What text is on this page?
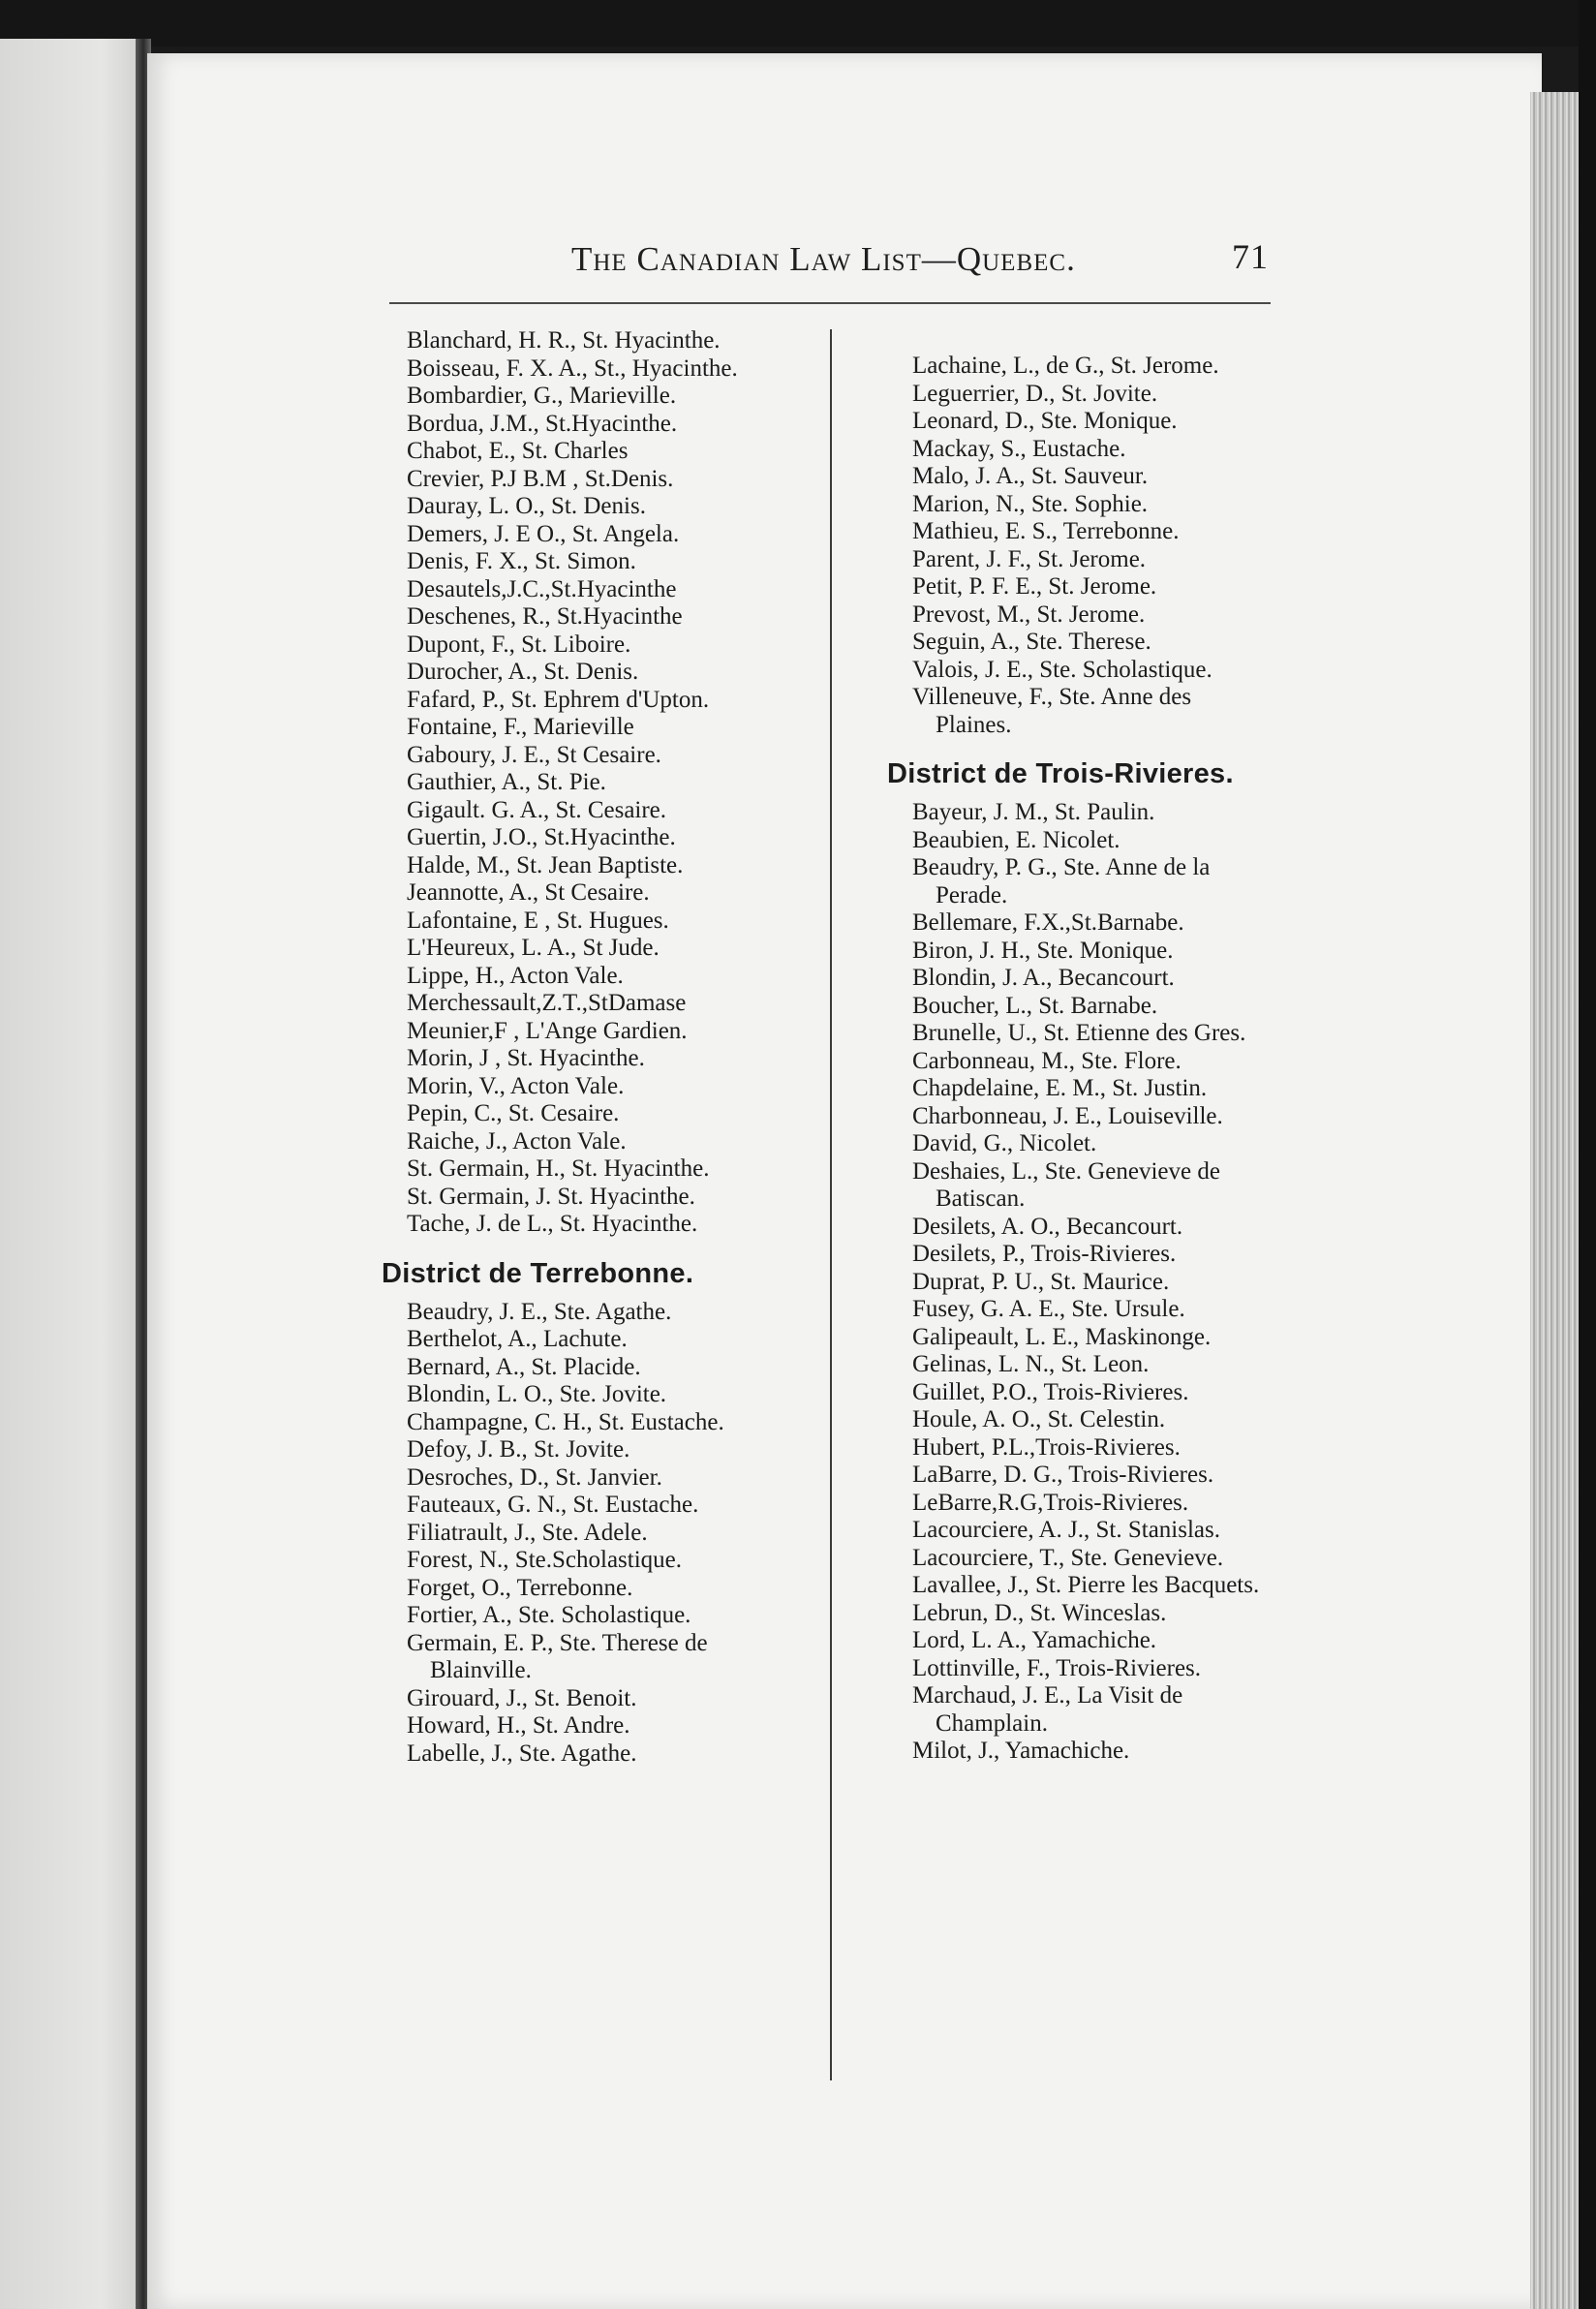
The Canadian Law List—Quebec.	71

Blanchard, H. R., St. Hyacinthe.

Boisseau, F. X. A., St., Hyacinthe.

Bombardier, G., Marieville.

Bordua, J.M., St.Hyacinthe.

Chabot, E., St. Charles

Crevier, P.J B.M , St.Denis.

Dauray, L. O., St. Denis.

Demers, J. E O., St. Angela.

Denis, F. X., St. Simon.

Desautels,J.C.,St.Hyacinthe

Deschenes, R., St.Hyacinthe

Dupont, F., St. Liboire.

Durocher, A., St. Denis.

Fafard, P., St. Ephrem d'Upton.

Fontaine, F., Marieville

Gaboury, J. E., St Cesaire.

Gauthier, A., St. Pie.

Gigault. G. A., St. Cesaire.

Guertin, J.O., St.Hyacinthe.

Halde, M., St. Jean Baptiste.

Jeannotte, A., St Cesaire.

Lafontaine, E , St. Hugues.

L'Heureux, L. A., St Jude.

Lippe, H., Acton Vale.

Merchessault,Z.T.,StDamase

Meunier,F , L'Ange Gardien.

Morin, J , St. Hyacinthe.

Morin, V., Acton Vale.

Pepin, C., St. Cesaire.

Raiche, J., Acton Vale.

St. Germain, H., St. Hyacinthe.

St. Germain, J. St. Hyacinthe.

Tache, J. de L., St. Hyacinthe.

District de Terrebonne.

Beaudry, J. E., Ste. Agathe.

Berthelot, A., Lachute.

Bernard, A., St. Placide.

Blondin, L. O., Ste. Jovite.

Champagne, C. H., St. Eustache.

Defoy, J. B., St. Jovite.

Desroches, D., St. Janvier.

Fauteaux, G. N., St. Eustache.

Filiatrault, J., Ste. Adele.

Forest, N., Ste.Scholastique.

Forget, O., Terrebonne.

Fortier, A., Ste. Scholastique.

Germain, E. P., Ste. Therese de Blainville.

Girouard, J., St. Benoit.

Howard, H., St. Andre.

Labelle, J., Ste. Agathe.

Lachaine, L., de G., St. Jerome.

Leguerrier, D., St. Jovite.

Leonard, D., Ste. Monique.

Mackay, S., Eustache.

Malo, J. A., St. Sauveur.

Marion, N., Ste. Sophie.

Mathieu, E. S., Terrebonne.

Parent, J. F., St. Jerome.

Petit, P. F. E., St. Jerome.

Prevost, M., St. Jerome.

Seguin, A., Ste. Therese.

Valois, J. E., Ste. Scholastique.

Villeneuve, F., Ste. Anne des Plaines.

District de Trois-Rivieres.

Bayeur, J. M., St. Paulin.

Beaubien, E. Nicolet.

Beaudry, P. G., Ste. Anne de la Perade.

Bellemare, F.X.,St.Barnabe.

Biron, J. H., Ste. Monique.

Blondin, J. A., Becancourt.

Boucher, L., St. Barnabe.

Brunelle, U., St. Etienne des Gres.

Carbonneau, M., Ste. Flore.

Chapdelaine, E. M., St. Justin.

Charbonneau, J. E., Louiseville.

David, G., Nicolet.

Deshaies, L., Ste. Genevieve de Batiscan.

Desilets, A. O., Becancourt.

Desilets, P., Trois-Rivieres.

Duprat, P. U., St. Maurice.

Fusey, G. A. E., Ste. Ursule.

Galipeault, L. E., Maskinonge.

Gelinas, L. N., St. Leon.

Guillet, P.O., Trois-Rivieres.

Houle, A. O., St. Celestin.

Hubert, P.L.,Trois-Rivieres.

LaBarre, D. G., Trois-Rivieres.

LeBarre,R.G,Trois-Rivieres.

Lacourciere, A. J., St. Stanislas.

Lacourciere, T., Ste. Genevieve.

Lavallee, J., St. Pierre les Bacquets.

Lebrun, D., St. Winceslas.

Lord, L. A., Yamachiche.

Lottinville, F., Trois-Rivieres.

Marchaud, J. E., La Visit de Champlain.

Milot, J., Yamachiche.
